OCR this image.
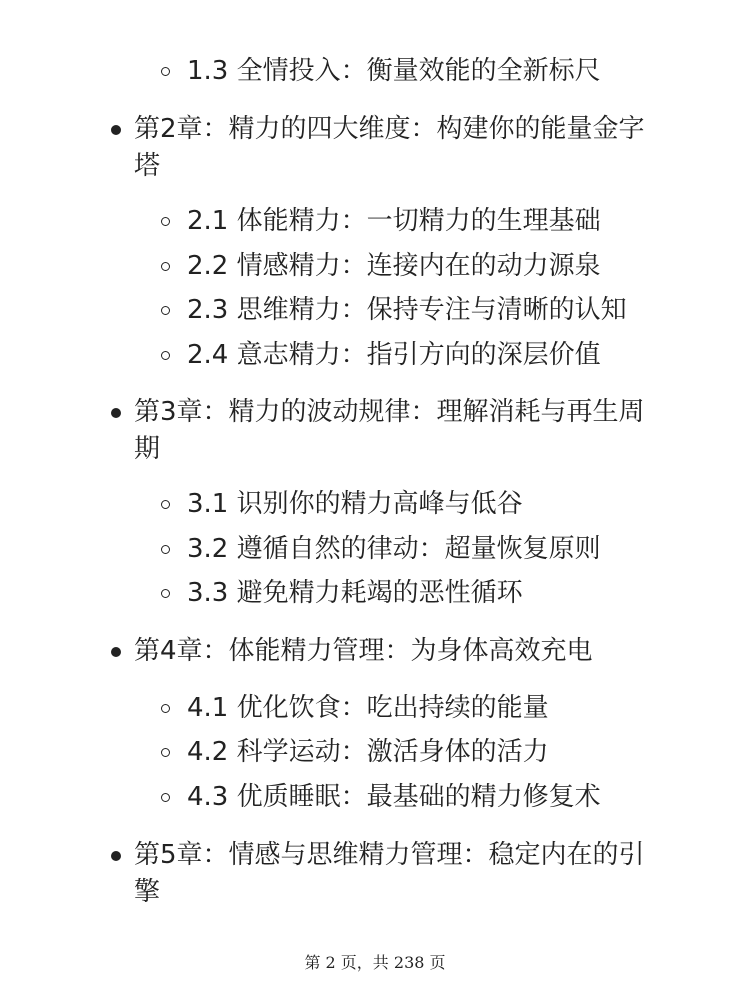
1.3 全情投入：衡量效能的全新标尺
第2章：精力的四大维度：构建你的能量金字
塔
2.1 体能精力：一切精力的生理基础
2.2 情感精力：连接内在的动力源泉
2.3 思维精力：保持专注与清晰的认知
2.4 意志精力：指引方向的深层价值
第3章：精力的波动规律：理解消耗与再生周
期
3.1 识别你的精力高峰与低谷
3.2 遵循自然的律动：超量恢复原则
3.3 避免精力耗竭的恶性循环
第4章：体能精力管理：为身体高效充电
4.1 优化饮食：吃出持续的能量
4.2 科学运动：激活身体的活力
4.3 优质睡眠：最基础的精力修复术
第5章：情感与思维精力管理：稳定内在的引
擎
第 2 页，共 238 页
